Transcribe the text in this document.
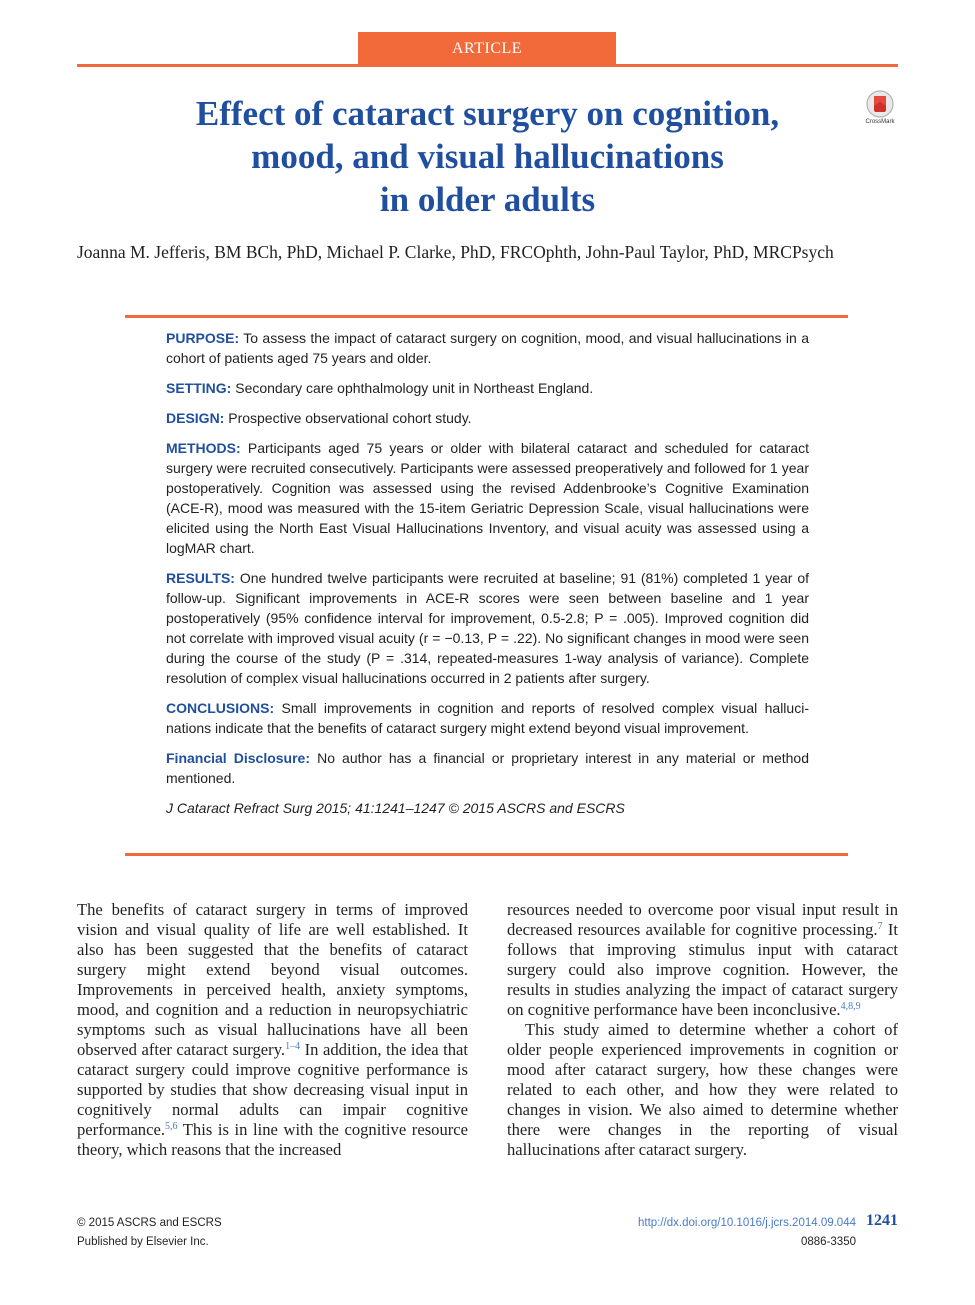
ARTICLE
Effect of cataract surgery on cognition,
mood, and visual hallucinations
in older adults
CrossMark

Joanna M. Jefferis, BM BCh, PhD, Michael P. Clarke, PhD, FRCOphth, John-Paul Taylor, PhD, MRCPsych

PURPOSE: To assess the impact of cataract surgery on cognition, mood, and visual hallucinations in a cohort of patients aged 75 years and older.

SETTING: Secondary care ophthalmology unit in Northeast England.

DESIGN: Prospective observational cohort study.

METHODS: Participants aged 75 years or older with bilateral cataract and scheduled for cataract surgery were recruited consecutively. Participants were assessed preoperatively and followed for 1 year postoperatively. Cognition was assessed using the revised Addenbrooke’s Cognitive Examination (ACE-R), mood was measured with the 15-item Geriatric Depression Scale, visual hallucinations were elicited using the North East Visual Hallucinations Inventory, and visual acuity was assessed using a logMAR chart.

RESULTS: One hundred twelve participants were recruited at baseline; 91 (81%) completed 1 year of follow-up. Significant improvements in ACE-R scores were seen between baseline and 1 year postoperatively (95% confidence interval for improvement, 0.5-2.8; P = .005). Improved cognition did not correlate with improved visual acuity (r = −0.13, P = .22). No significant changes in mood were seen during the course of the study (P = .314, repeated-measures 1-way analysis of variance). Complete resolution of complex visual hallucinations occurred in 2 patients after surgery.

CONCLUSIONS: Small improvements in cognition and reports of resolved complex visual hallucinations indicate that the benefits of cataract surgery might extend beyond visual improvement.

Financial Disclosure: No author has a financial or proprietary interest in any material or method mentioned.

J Cataract Refract Surg 2015; 41:1241–1247 © 2015 ASCRS and ESCRS

The benefits of cataract surgery in terms of improved vision and visual quality of life are well established. It also has been suggested that the benefits of cataract surgery might extend beyond visual outcomes. Improvements in perceived health, anxiety symptoms, mood, and cognition and a reduction in neuropsychiatric symptoms such as visual hallucinations have all been observed after cataract surgery.$^{1-4}$ In addition, the idea that cataract surgery could improve cognitive performance is supported by studies that show decreasing visual input in cognitively normal adults can impair cognitive performance.$^{5,6}$ This is in line with the cognitive resource theory, which reasons that the increased

resources needed to overcome poor visual input result in decreased resources available for cognitive processing.$^7$ It follows that improving stimulus input with cataract surgery could also improve cognition. However, the results in studies analyzing the impact of cataract surgery on cognitive performance have been inconclusive.$^{4,8,9}$

This study aimed to determine whether a cohort of older people experienced improvements in cognition or mood after cataract surgery, how these changes were related to each other, and how they were related to changes in vision. We also aimed to determine whether there were changes in the reporting of visual hallucinations after cataract surgery.

© 2015 ASCRS and ESCRS
Published by Elsevier Inc.
http://dx.doi.org/10.1016/j.jcrs.2014.09.044 1241
0886-3350
